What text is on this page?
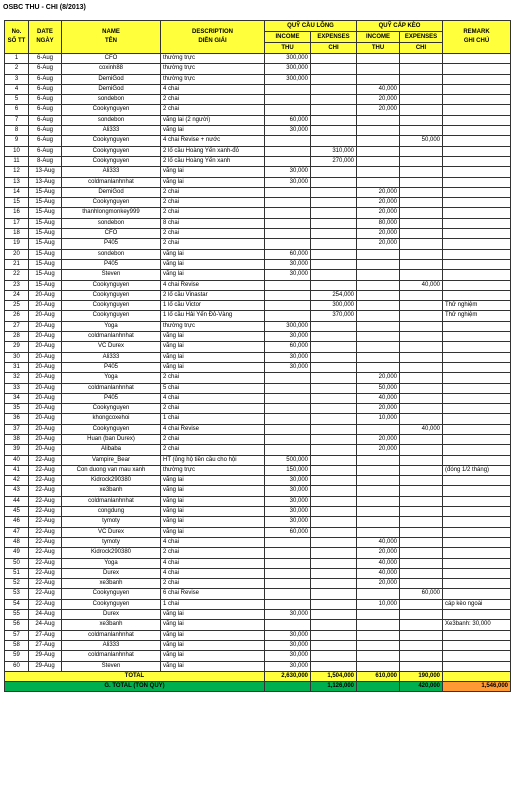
OSBC THU - CHI (8/2013)
No.
SỐ TT	DATE
NGÀY	NAME
TÊN	DESCRIPTION
DIỄN GIẢI	QUỸ CẦU LÔNG		QUỸ CẤP KÈO		REMARK
GHI CHÚ
				INCOME	EXPENSES	INCOME	EXPENSES	
				THU	CHI	THU	CHI	
1	6-Aug	CFO	thường trực	300,000				
2	6-Aug	coxinh88	thường trực	300,000				
3	6-Aug	DemiGod	thường trực	300,000				
4	6-Aug	DemiGod	4 chai			40,000		
5	6-Aug	sondebon	2 chai			20,000		
6	6-Aug	Cookynguyen	2 chai			20,000		
7	6-Aug	sondebon	vãng lai (2 người)	60,000				
8	6-Aug	Ali333	vãng lai	30,000				
9	6-Aug	Cookynguyen	4 chai Revise + nước				50,000	
10	6-Aug	Cookynguyen	2 lố cầu Hoàng Yến xanh-đỏ		310,000			
11	8-Aug	Cookynguyen	2 lố cầu Hoàng Yến xanh		270,000			
12	13-Aug	Ali333	vãng lai	30,000				
13	13-Aug	coldmanlanhnhat	vãng lai	30,000				
14	15-Aug	DemiGod	2 chai			20,000		
15	15-Aug	Cookynguyen	2 chai			20,000		
16	15-Aug	thanhlongmonkey999	2 chai			20,000		
17	15-Aug	sondebon	8 chai			80,000		
18	15-Aug	CFO	2 chai			20,000		
19	15-Aug	P405	2 chai			20,000		
20	15-Aug	sondebon	vãng lai	60,000				
21	15-Aug	P405	vãng lai	30,000				
22	15-Aug	Steven	vãng lai	30,000				
23	15-Aug	Cookynguyen	4 chai Revise				40,000	
24	20-Aug	Cookynguyen	2 lố cầu Vinastar		254,000			
25	20-Aug	Cookynguyen	1 lố cầu Victor		300,000			Thử nghiệm
26	20-Aug	Cookynguyen	1 lố cầu Hải Yến Đỏ-Vàng		370,000			Thử nghiệm
27	20-Aug	Yoga	thường trực	300,000				
28	20-Aug	coldmanlanhnhat	vãng lai	30,000				
29	20-Aug	VC Durex	vãng lai	60,000				
30	20-Aug	Ali333	vãng lai	30,000				
31	20-Aug	P405	vãng lai	30,000				
32	20-Aug	Yoga	2 chai			20,000		
33	20-Aug	coldmanlanhnhat	5 chai			50,000		
34	20-Aug	P405	4 chai			40,000		
35	20-Aug	Cookynguyen	2 chai			20,000		
36	20-Aug	khongcoxehoi	1 chai			10,000		
37	20-Aug	Cookynguyen	4 chai Revise				40,000	
38	20-Aug	Huan (ban Durex)	2 chai			20,000		
39	20-Aug	Alibaba	2 chai			20,000		
40	22-Aug	Vampire_Bear	HT (ủng hộ tiền cầu cho hội	500,000				
41	22-Aug	Con duong van mau xanh	thường trực	150,000				(đóng 1/2 tháng)
42	22-Aug	Kidrock290380	vãng lai	30,000				
43	22-Aug	xe3banh	vãng lai	30,000				
44	22-Aug	coldmanlanhnhat	vãng lai	30,000				
45	22-Aug	congdung	vãng lai	30,000				
46	22-Aug	tymoty	vãng lai	30,000				
47	22-Aug	VC Durex	vãng lai	60,000				
48	22-Aug	tymoty	4 chai			40,000		
49	22-Aug	Kidrock290380	2 chai			20,000		
50	22-Aug	Yoga	4 chai			40,000		
51	22-Aug	Durex	4 chai			40,000		
52	22-Aug	xe3banh	2 chai			20,000		
53	22-Aug	Cookynguyen	6 chai Revise				60,000	
54	22-Aug	Cookynguyen	1 chai			10,000		cáp kèo ngoài
55	24-Aug	Durex	vãng lai	30,000				
56	24-Aug	xe3banh	vãng lai					Xe3banh: 30,000
57	27-Aug	coldmanlanhnhat	vãng lai	30,000				
58	27-Aug	Ali333	vãng lai	30,000				
59	29-Aug	coldmanlanhnhat	vãng lai	30,000				
60	29-Aug	Steven	vãng lai	30,000				
TOTAL				2,630,000	1,504,000	610,000	190,000	
G. TOTAL (TỒN QUỸ)					1,126,000		420,000	1,546,000
